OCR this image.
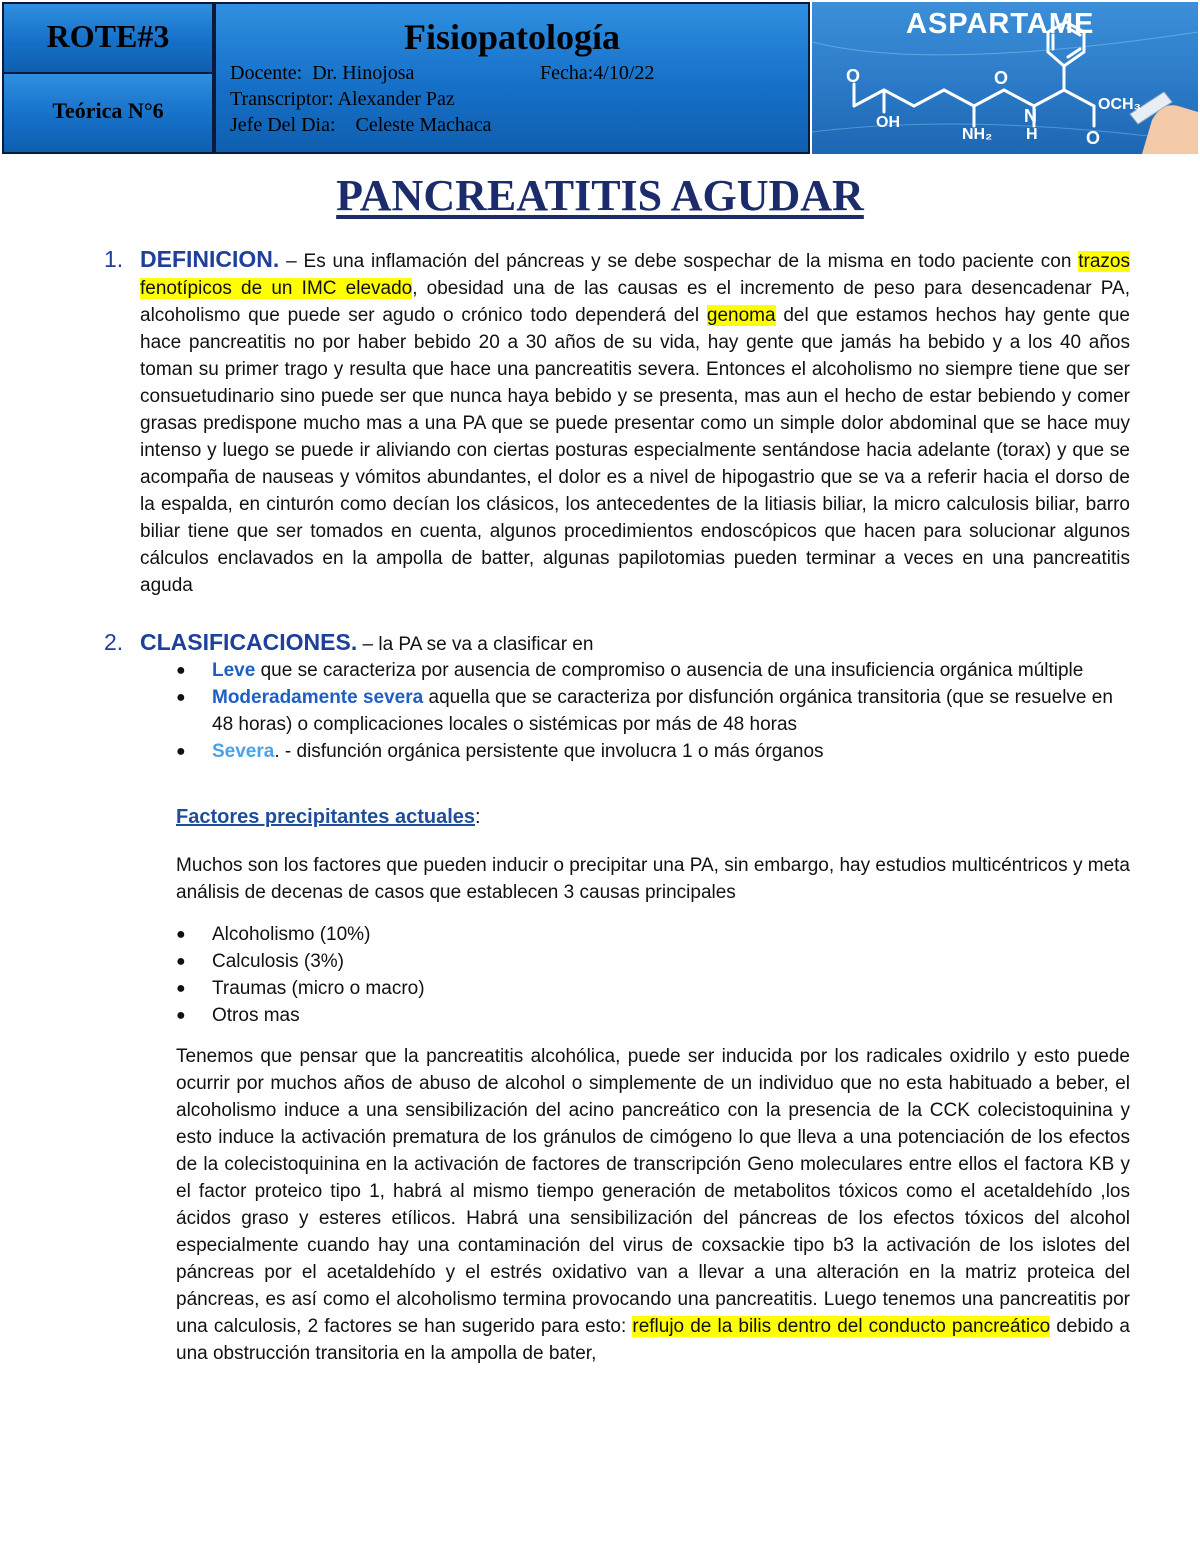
ROTE#3
Teórica N°6
Fisiopatología
Docente:  Dr. Hinojosa	Fecha:4/10/22
Transcriptor: Alexander Paz
Jefe Del Dia:    Celeste Machaca
ASPARTAME
O
OH
NH₂
O
N
H	O
OCH₃
PANCREATITIS AGUDAR
1. DEFINICION. – Es una inflamación del páncreas y se debe sospechar de la misma en todo paciente con trazos fenotípicos de un IMC elevado, obesidad una de las causas es el incremento de peso para desencadenar PA, alcoholismo que puede ser agudo o crónico todo dependerá del genoma del que estamos hechos hay gente que hace pancreatitis no por haber bebido 20 a 30 años de su vida, hay gente que jamás ha bebido y a los 40 años toman su primer trago y resulta que hace una pancreatitis severa. Entonces el alcoholismo no siempre tiene que ser consuetudinario sino puede ser que nunca haya bebido y se presenta, mas aun el hecho de estar bebiendo y comer grasas predispone mucho mas a una PA que se puede presentar como un simple dolor abdominal que se hace muy intenso y luego se puede ir aliviando con ciertas posturas especialmente sentándose hacia adelante (torax) y que se acompaña de nauseas y vómitos abundantes, el dolor es a nivel de hipogastrio que se va a referir hacia el dorso de la espalda, en cinturón como decían los clásicos, los antecedentes de la litiasis biliar, la micro calculosis biliar, barro biliar tiene que ser tomados en cuenta, algunos procedimientos endoscópicos que hacen para solucionar algunos cálculos enclavados en la ampolla de batter, algunas papilotomias pueden terminar a veces en una pancreatitis aguda
2. CLASIFICACIONES. – la PA se va a clasificar en
● Leve que se caracteriza por ausencia de compromiso o ausencia de una insuficiencia orgánica múltiple
● Moderadamente severa aquella que se caracteriza por disfunción orgánica transitoria (que se resuelve en 48 horas) o complicaciones locales o sistémicas por más de 48 horas
● Severa. - disfunción orgánica persistente que involucra 1 o más órganos
Factores precipitantes actuales:
Muchos son los factores que pueden inducir o precipitar una PA, sin embargo, hay estudios multicéntricos y meta análisis de decenas de casos que establecen 3 causas principales
● Alcoholismo (10%)
● Calculosis (3%)
● Traumas (micro o macro)
● Otros mas
Tenemos que pensar que la pancreatitis alcohólica, puede ser inducida por los radicales oxidrilo y esto puede ocurrir por muchos años de abuso de alcohol o simplemente de un individuo que no esta habituado a beber, el alcoholismo induce a una sensibilización del acino pancreático con la presencia de la CCK colecistoquinina y esto induce la activación prematura de los gránulos de cimógeno lo que lleva a una potenciación de los efectos de la colecistoquinina en la activación de factores de transcripción Geno moleculares entre ellos el factora KB y el factor proteico tipo 1, habrá al mismo tiempo generación de metabolitos tóxicos como el acetaldehído ,los ácidos graso y esteres etílicos. Habrá una sensibilización del páncreas de los efectos tóxicos del alcohol especialmente cuando hay una contaminación del virus de coxsackie tipo b3 la activación de los islotes del páncreas por el acetaldehído y el estrés oxidativo van a llevar a una alteración en la matriz proteica del páncreas, es así como el alcoholismo termina provocando una pancreatitis. Luego tenemos una pancreatitis por una calculosis, 2 factores se han sugerido para esto: reflujo de la bilis dentro del conducto pancreático debido a una obstrucción transitoria en la ampolla de bater,
